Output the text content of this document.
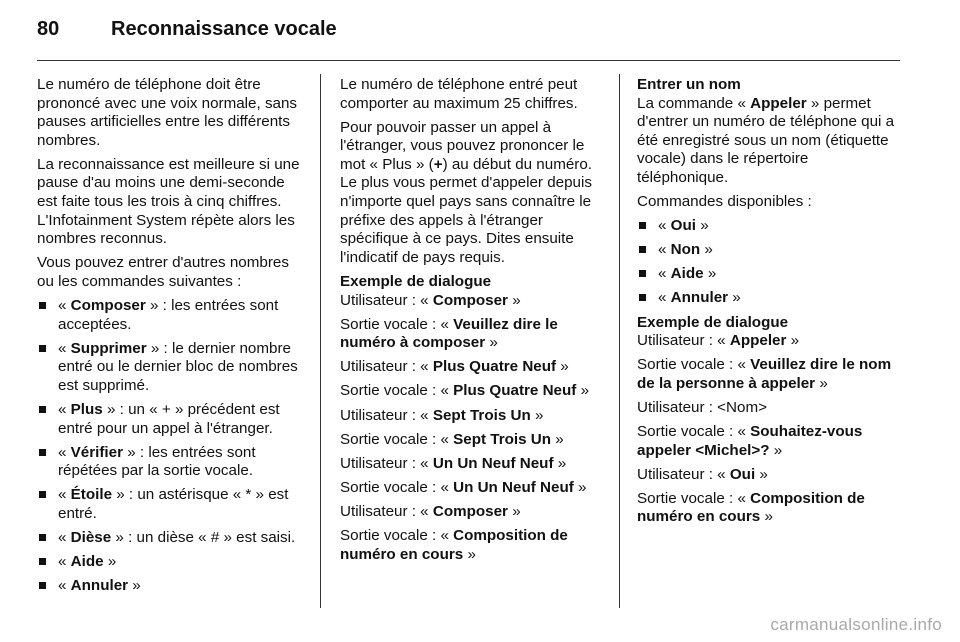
80	Reconnaissance vocale

Le numéro de téléphone doit être prononcé avec une voix normale, sans pauses artificielles entre les différents nombres.

La reconnaissance est meilleure si une pause d'au moins une demi-seconde est faite tous les trois à cinq chiffres. L'Infotainment System répète alors les nombres reconnus.

Vous pouvez entrer d'autres nombres ou les commandes suivantes :

« Composer » : les entrées sont acceptées.
« Supprimer » : le dernier nombre entré ou le dernier bloc de nombres est supprimé.
« Plus » : un « + » précédent est entré pour un appel à l'étranger.
« Vérifier » : les entrées sont répétées par la sortie vocale.
« Étoile » : un astérisque « * » est entré.
« Dièse » : un dièse « # » est saisi.
« Aide »
« Annuler »

Le numéro de téléphone entré peut comporter au maximum 25 chiffres.

Pour pouvoir passer un appel à l'étranger, vous pouvez prononcer le mot « Plus » (+) au début du numéro. Le plus vous permet d'appeler depuis n'importe quel pays sans connaître le préfixe des appels à l'étranger spécifique à ce pays. Dites ensuite l'indicatif de pays requis.

Exemple de dialogue

Utilisateur : « Composer »

Sortie vocale : « Veuillez dire le numéro à composer »

Utilisateur : « Plus Quatre Neuf »

Sortie vocale : « Plus Quatre Neuf »

Utilisateur : « Sept Trois Un »

Sortie vocale : « Sept Trois Un »

Utilisateur : « Un Un Neuf Neuf »

Sortie vocale : « Un Un Neuf Neuf »

Utilisateur : « Composer »

Sortie vocale : « Composition de numéro en cours »

Entrer un nom

La commande « Appeler » permet d'entrer un numéro de téléphone qui a été enregistré sous un nom (étiquette vocale) dans le répertoire téléphonique.

Commandes disponibles :

« Oui »
« Non »
« Aide »
« Annuler »
Exemple de dialogue

Utilisateur : « Appeler »

Sortie vocale : « Veuillez dire le nom de la personne à appeler »

Utilisateur : <Nom>

Sortie vocale : « Souhaitez-vous appeler <Michel>? »

Utilisateur : « Oui »

Sortie vocale : « Composition de numéro en cours »

carmanualsonline.info
